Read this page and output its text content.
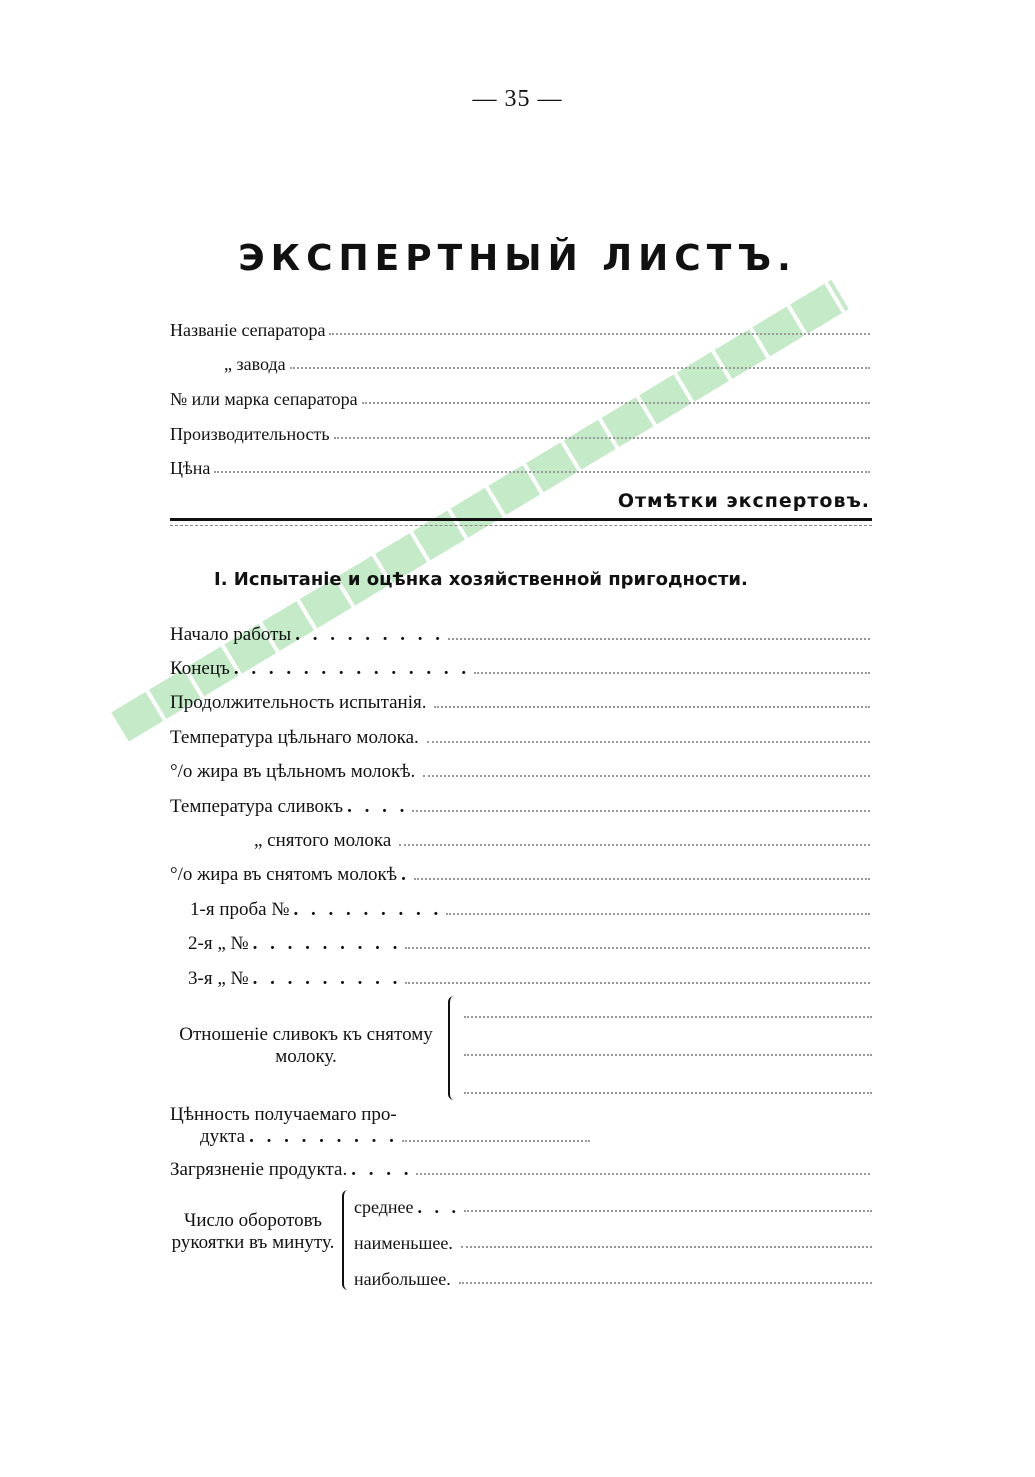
— 35 —
ЭКСПЕРТНЫЙ ЛИСТЪ.
Названіе сепаратора
„ завода
№ или марка сепаратора
Производительность
Цѣна
Отмѣтки экспертовъ.
I. Испытаніе и оцѣнка хозяйственной пригодности.
Начало работы . . . . . . . . .
Конецъ . . . . . . . . . . . . . .
Продолжительность испытанія.
Температура цѣльнаго молока.
°/o жира въ цѣльномъ молокѣ.
Температура сливокъ . . . .
„ снятого молока
°/o жира въ снятомъ молокѣ .
1-я проба № . . . . . . . . .
2-я „ № . . . . . . . . .
3-я „ № . . . . . . . . .
Отношеніе сливокъ къ снятому молоку.
Цѣнность получаемаго про-
дукта . . . . . . . . .
Загрязненіе продукта. . . . .
Число оборотовъ рукоятки въ минуту.
среднее . . .
наименьшее.
наибольшее.
